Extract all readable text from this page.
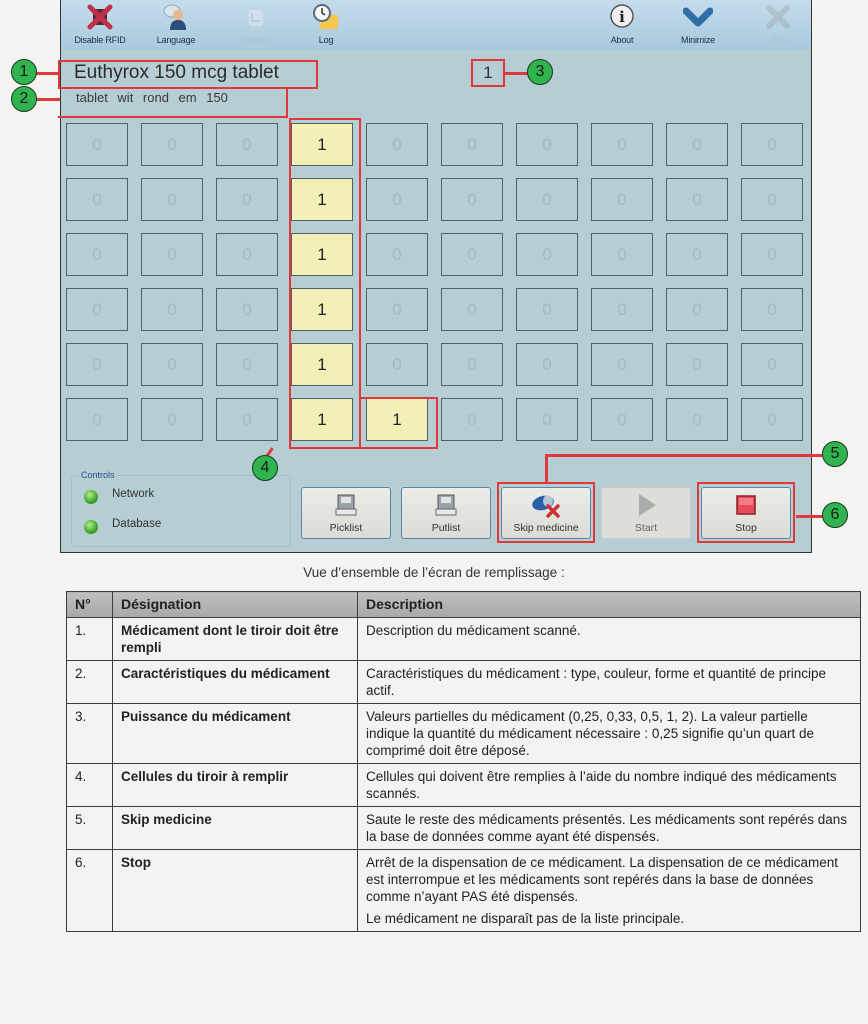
Disable RFID	Language	Options	Log
i
About	Minimize	Exit
Euthyrox 150 mcg tablet
tablet wit rond em 150
1
0	0	0	1	0	0	0	0	0	0
0	0	0	1	0	0	0	0	0	0
0	0	0	1	0	0	0	0	0	0
0	0	0	1	0	0	0	0	0	0
0	0	0	1	0	0	0	0	0	0
0	0	0	1	1	0	0	0	0	0
Controls
Network
Database	Picklist	Putlist	Skip medicine	Start	Stop
1
2
3
4
5
6
Vue d’ensemble de l’écran de remplissage :
N°	Désignation	Description
1.	Médicament dont le tiroir doit être rempli	Description du médicament scanné.

2.	Caractéristiques du médicament	Caractéristiques du médicament : type, couleur, forme et quantité de principe actif.

3.	Puissance du médicament	Valeurs partielles du médicament (0,25, 0,33, 0,5, 1, 2). La valeur partielle indique la quantité du médicament nécessaire : 0,25 signifie qu’un quart de comprimé doit être déposé.

4.	Cellules du tiroir à remplir	Cellules qui doivent être remplies à l’aide du nombre indiqué des médicaments scannés.

5.	Skip medicine	Saute le reste des médicaments présentés. Les médicaments sont repérés dans la base de données comme ayant été dispensés.

6.	Stop	Arrêt de la dispensation de ce médicament. La dispensation de ce médicament est interrompue et les médicaments sont repérés dans la base de données comme n’ayant PAS été dispensés.

Le médicament ne disparaît pas de la liste principale.
